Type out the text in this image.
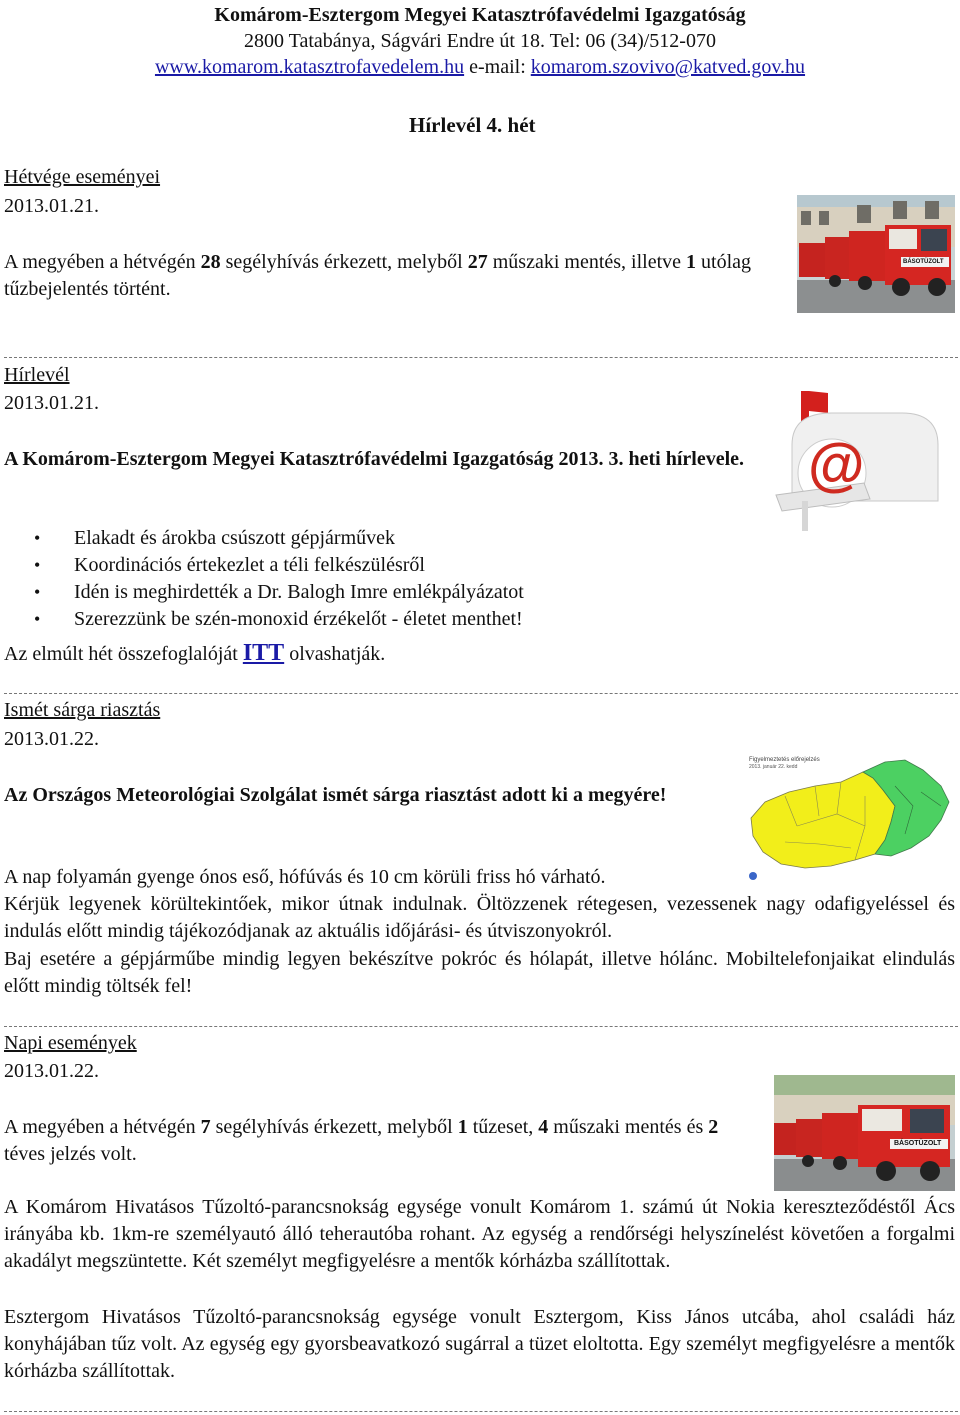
Komárom-Esztergom Megyei Katasztrófavédelmi Igazgatóság
2800 Tatabánya, Ságvári Endre út 18. Tel: 06 (34)/512-070
www.komarom.katasztrofavedelem.hu e-mail: komarom.szovivo@katved.gov.hu
Hírlevél 4. hét
Hétvége eseményei
2013.01.21.
A megyében a hétvégén 28 segélyhívás érkezett, melyből 27 műszaki mentés, illetve 1 utólag tűzbejelentés történt.
BÁSOTÜZOLT
Hírlevél
2013.01.21.
A Komárom-Esztergom Megyei Katasztrófavédelmi Igazgatóság 2013. 3. heti hírlevele.	@
• Elakadt és árokba csúszott gépjárművek
• Koordinációs értekezlet a téli felkészülésről
• Idén is meghirdették a Dr. Balogh Imre emlékpályázatot
• Szerezzünk be szén-monoxid érzékelőt - életet menthet!
Az elmúlt hét összefoglalóját ITT olvashatják.
Ismét sárga riasztás
2013.01.22.
Az Országos Meteorológiai Szolgálat ismét sárga riasztást adott ki a megyére!
Figyelmeztetés előrejelzés
2013. január 22. kedd
A nap folyamán gyenge ónos eső, hófúvás és 10 cm körüli friss hó várható.
Kérjük legyenek körültekintőek, mikor útnak indulnak. Öltözzenek rétegesen, vezessenek nagy odafigyeléssel és indulás előtt mindig tájékozódjanak az aktuális időjárási- és útviszonyokról.
Baj esetére a gépjárműbe mindig legyen bekészítve pokróc és hólapát, illetve hólánc. Mobiltelefonjaikat elindulás előtt mindig töltsék fel!
Napi események
2013.01.22.
A megyében a hétvégén 7 segélyhívás érkezett, melyből 1 tűzeset, 4 műszaki mentés és 2 téves jelzés volt.	BÁSOTÜZOLT
A Komárom Hivatásos Tűzoltó-parancsnokság egysége vonult Komárom 1. számú út Nokia kereszteződéstől Ács irányába kb. 1km-re személyautó álló teherautóba rohant. Az egység a rendőrségi helyszínelést követően a forgalmi akadályt megszüntette. Két személyt megfigyelésre a mentők kórházba szállítottak.
Esztergom Hivatásos Tűzoltó-parancsnokság egysége vonult Esztergom, Kiss János utcába, ahol családi ház konyhájában tűz volt. Az egység egy gyorsbeavatkozó sugárral a tüzet eloltotta. Egy személyt megfigyelésre a mentők kórházba szállítottak.
